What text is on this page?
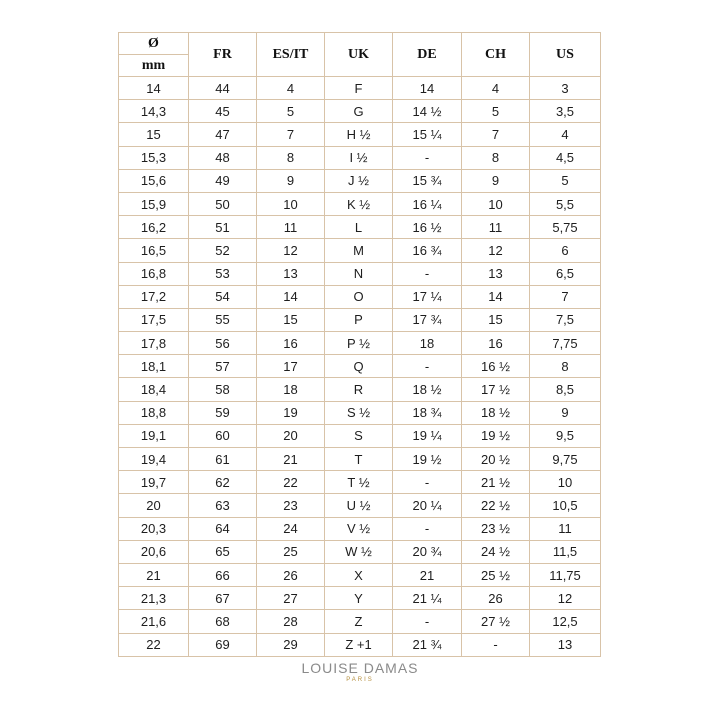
Ø	FR	ES/IT	UK	DE	CH	US
mm						
14	44	4	F	14	4	3
14,3	45	5	G	14 ½	5	3,5
15	47	7	H ½	15 ¼	7	4
15,3	48	8	I ½	-	8	4,5
15,6	49	9	J ½	15 ¾	9	5
15,9	50	10	K ½	16 ¼	10	5,5
16,2	51	11	L	16 ½	11	5,75
16,5	52	12	M	16 ¾	12	6
16,8	53	13	N	-	13	6,5
17,2	54	14	O	17 ¼	14	7
17,5	55	15	P	17 ¾	15	7,5
17,8	56	16	P ½	18	16	7,75
18,1	57	17	Q	-	16 ½	8
18,4	58	18	R	18 ½	17 ½	8,5
18,8	59	19	S ½	18 ¾	18 ½	9
19,1	60	20	S	19 ¼	19 ½	9,5
19,4	61	21	T	19 ½	20 ½	9,75
19,7	62	22	T ½	-	21 ½	10
20	63	23	U ½	20 ¼	22 ½	10,5
20,3	64	24	V ½	-	23 ½	11
20,6	65	25	W ½	20 ¾	24 ½	11,5
21	66	26	X	21	25 ½	11,75
21,3	67	27	Y	21 ¼	26	12
21,6	68	28	Z	-	27 ½	12,5
22	69	29	Z +1	21 ¾	-	13
LOUISE DAMAS
PARIS
